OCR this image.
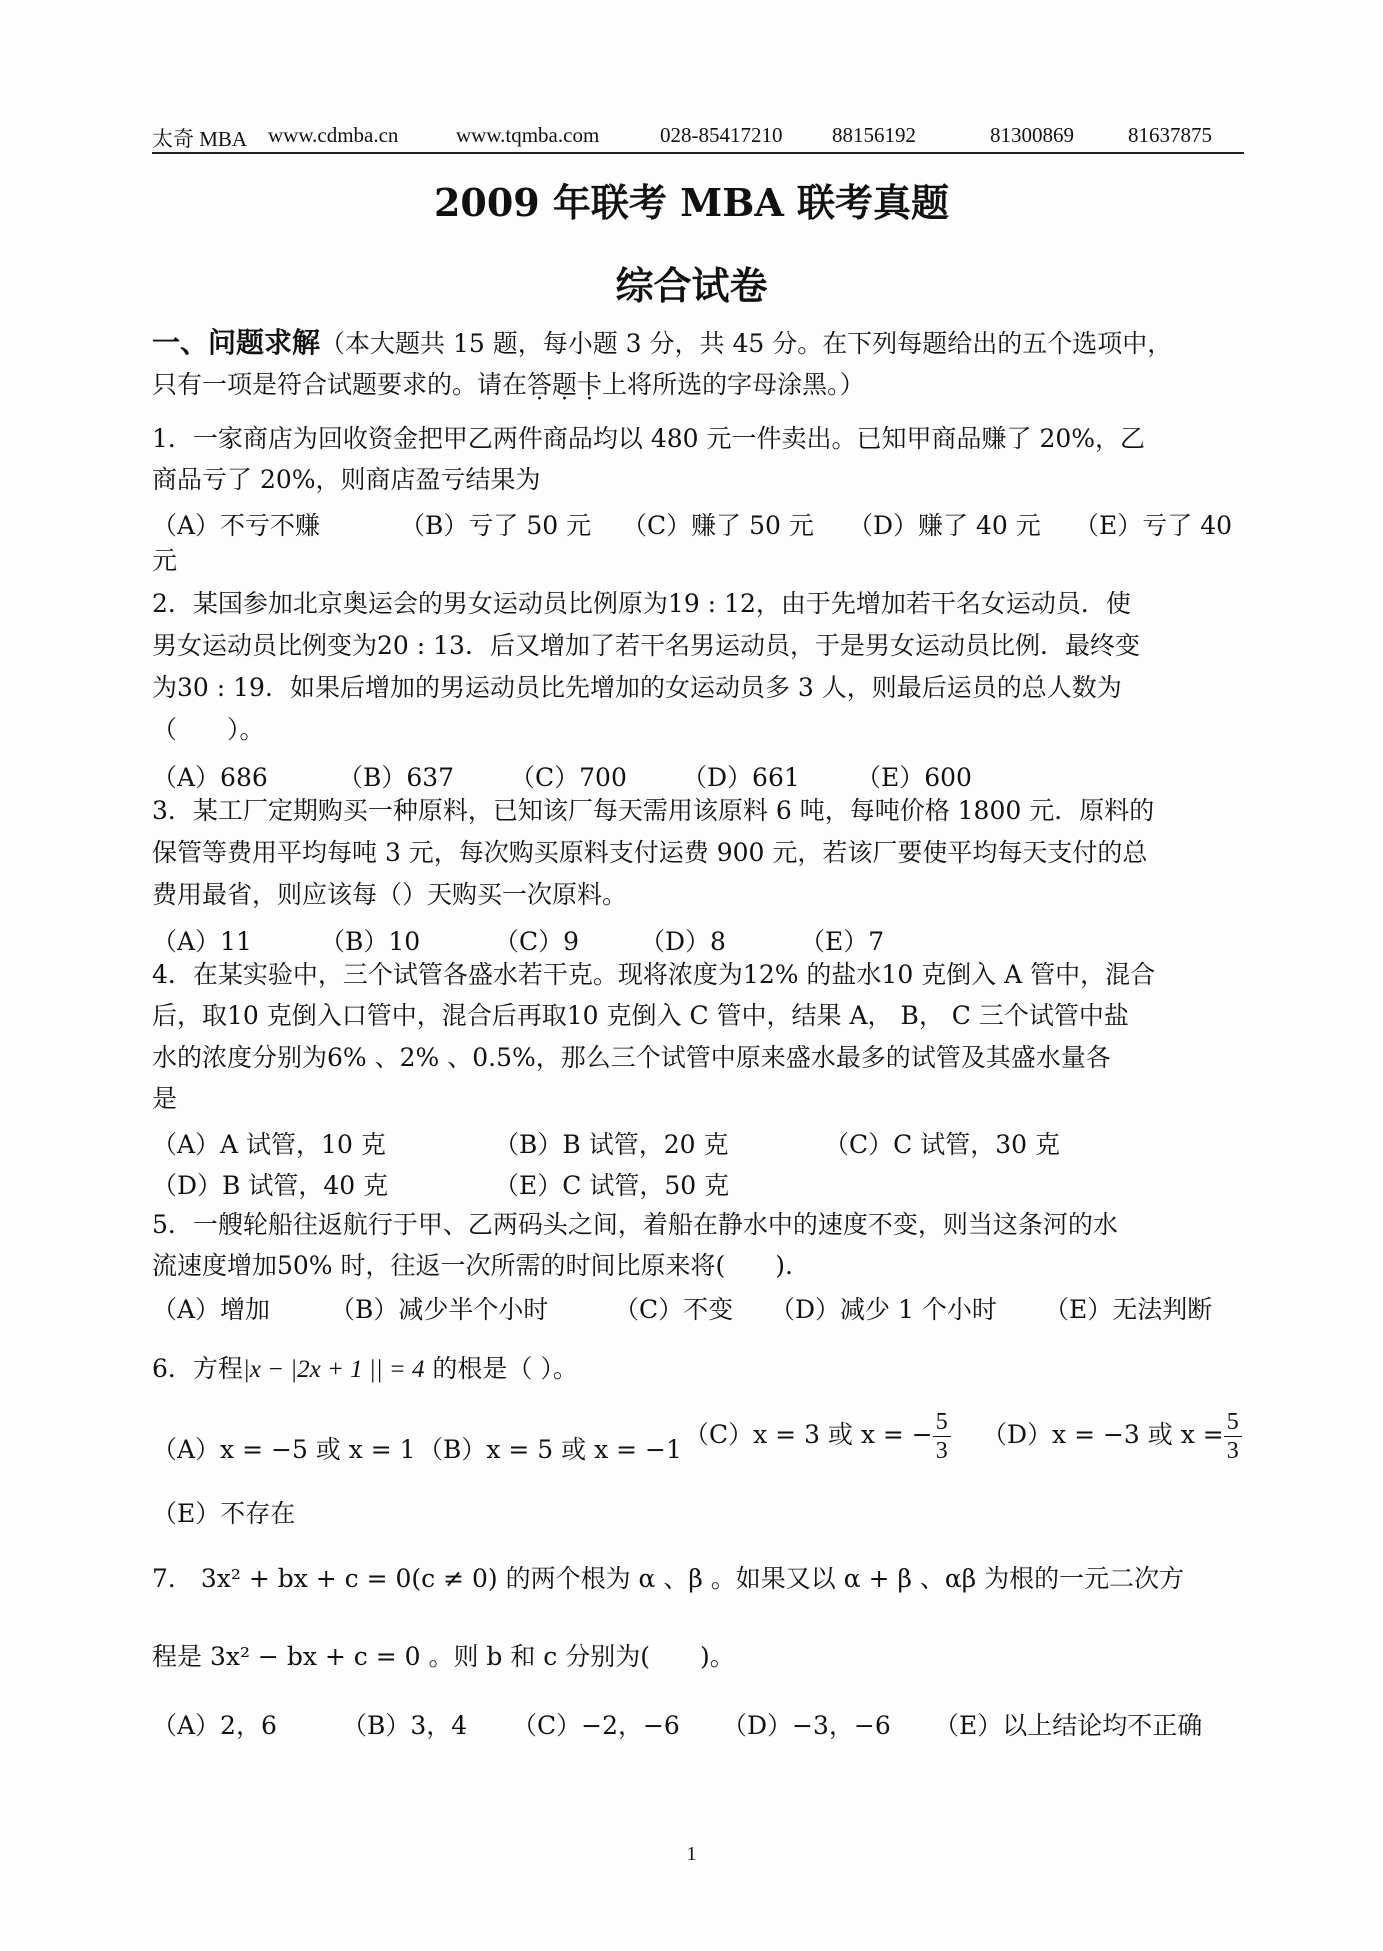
太奇 MBA www.cdmba.cn	www.tqmba.com	028-85417210 88156192	81300869	81637875
2009 年联考 MBA 联考真题
综合试卷
一、问题求解（本大题共 15 题，每小题 3 分，共 45 分。在下列每题给出的五个选项中，
只有一项是符合试题要求的。请在答题卡上将所选的字母涂黑。）
1．一家商店为回收资金把甲乙两件商品均以 480 元一件卖出。已知甲商品赚了 20%，乙
商品亏了 20%，则商店盈亏结果为
（A）不亏不赚	（B）亏了 50 元 （C）赚了 50 元 （D）赚了 40 元 （E）亏了 40
元
2．某国参加北京奥运会的男女运动员比例原为19 : 12，由于先增加若干名女运动员．使
男女运动员比例变为20 : 13．后又增加了若干名男运动员，于是男女运动员比例．最终变
为30 : 19．如果后增加的男运动员比先增加的女运动员多 3 人，则最后运员的总人数为
（　　）。
（A）686	（B）637 （C）700 （D）661 （E）600
3．某工厂定期购买一种原料，已知该厂每天需用该原料 6 吨，每吨价格 1800 元．原料的
保管等费用平均每吨 3 元，每次购买原料支付运费 900 元，若该厂要使平均每天支付的总
费用最省，则应该每（）天购买一次原料。
（A）11	（B）10	（C）9 （D）8	（E）7
4．在某实验中，三个试管各盛水若干克。现将浓度为12% 的盐水10 克倒入 A 管中，混合
后，取10 克倒入口管中，混合后再取10 克倒入 C 管中，结果 A， B， C 三个试管中盐
水的浓度分别为6% 、2% 、0.5%，那么三个试管中原来盛水最多的试管及其盛水量各
是
（A）A 试管，10 克	（B）B 试管，20 克	（C）C 试管，30 克
（D）B 试管，40 克	（E）C 试管，50 克
5．一艘轮船往返航行于甲、乙两码头之间，着船在静水中的速度不变，则当这条河的水
流速度增加50% 时，往返一次所需的时间比原来将(　　).
（A）增加 （B）减少半个小时	（C）不变 （D）减少 1 个小时 （E）无法判断
6．方程|x − |2x + 1 || = 4 的根是（ ）。
（A）x = −5 或 x = 1 （B）x = 5 或 x = −1
（C）x = 3 或 x = − $\frac{5}{3} (D)x = -3$ 或 $x = \frac{5}{3}$
（E）不存在
7． 3x² + bx + c = 0(c ≠ 0) 的两个根为 α 、β 。如果又以 α + β 、αβ 为根的一元二次方
程是 3x² − bx + c = 0 。则 b 和 c 分别为(　　)。
（A）2，6	（B）3，4 （C）−2，−6 （D）−3，−6 （E）以上结论均不正确
1
